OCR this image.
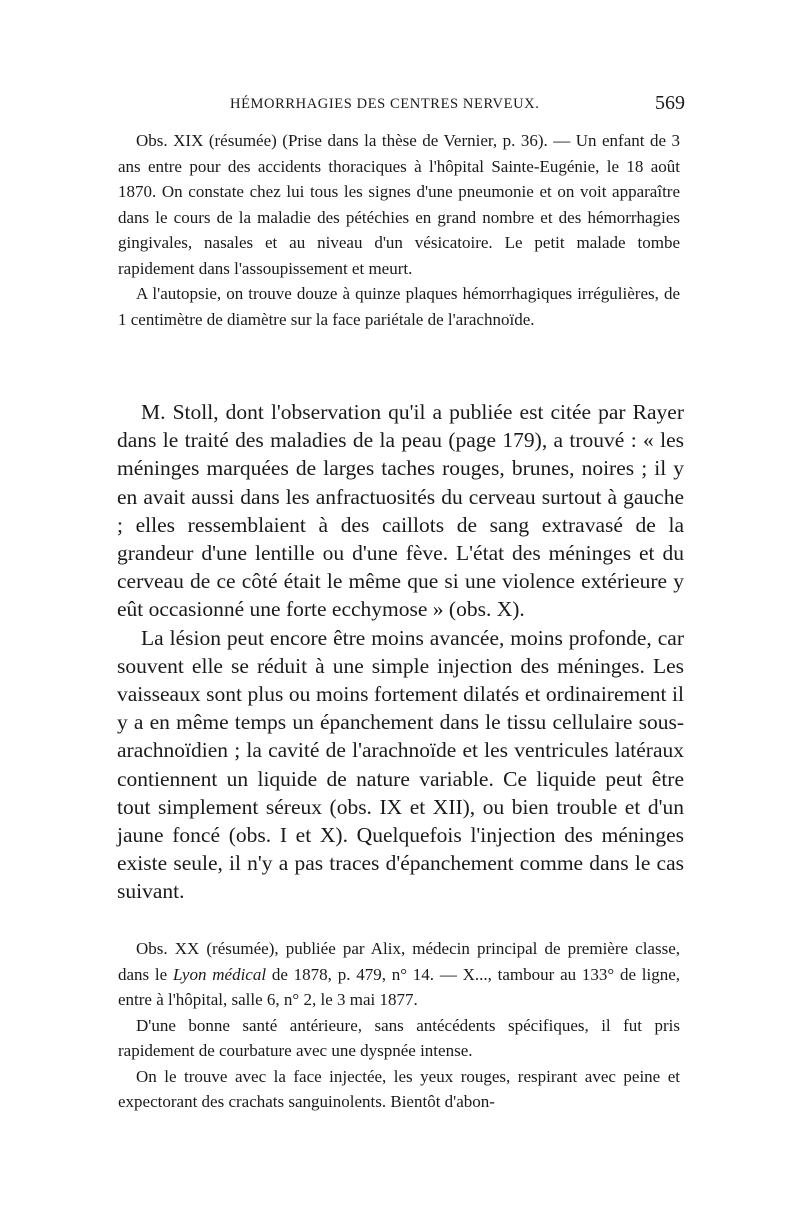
HÉMORRHAGIES DES CENTRES NERVEUX.	569

Obs. XIX (résumée) (Prise dans la thèse de Vernier, p. 36). — Un enfant de 3 ans entre pour des accidents thoraciques à l'hôpital Sainte-Eugénie, le 18 août 1870. On constate chez lui tous les signes d'une pneumonie et on voit apparaître dans le cours de la maladie des pétéchies en grand nombre et des hémorrhagies gingivales, nasales et au niveau d'un vésicatoire. Le petit malade tombe rapidement dans l'assoupissement et meurt.

A l'autopsie, on trouve douze à quinze plaques hémorrhagiques irrégulières, de 1 centimètre de diamètre sur la face pariétale de l'arachnoïde.

M. Stoll, dont l'observation qu'il a publiée est citée par Rayer dans le traité des maladies de la peau (page 179), a trouvé : « les méninges marquées de larges taches rouges, brunes, noires ; il y en avait aussi dans les anfractuosités du cerveau surtout à gauche ; elles ressemblaient à des caillots de sang extravasé de la grandeur d'une lentille ou d'une fève. L'état des méninges et du cerveau de ce côté était le même que si une violence extérieure y eût occasionné une forte ecchymose » (obs. X).

La lésion peut encore être moins avancée, moins profonde, car souvent elle se réduit à une simple injection des méninges. Les vaisseaux sont plus ou moins fortement dilatés et ordinairement il y a en même temps un épanchement dans le tissu cellulaire sous-arachnoïdien ; la cavité de l'arachnoïde et les ventricules latéraux contiennent un liquide de nature variable. Ce liquide peut être tout simplement séreux (obs. IX et XII), ou bien trouble et d'un jaune foncé (obs. I et X). Quelquefois l'injection des méninges existe seule, il n'y a pas traces d'épanchement comme dans le cas suivant.

Obs. XX (résumée), publiée par Alix, médecin principal de première classe, dans le Lyon médical de 1878, p. 479, n° 14. — X..., tambour au 133° de ligne, entre à l'hôpital, salle 6, n° 2, le 3 mai 1877.

D'une bonne santé antérieure, sans antécédents spécifiques, il fut pris rapidement de courbature avec une dyspnée intense.

On le trouve avec la face injectée, les yeux rouges, respirant avec peine et expectorant des crachats sanguinolents. Bientôt d'abon-
